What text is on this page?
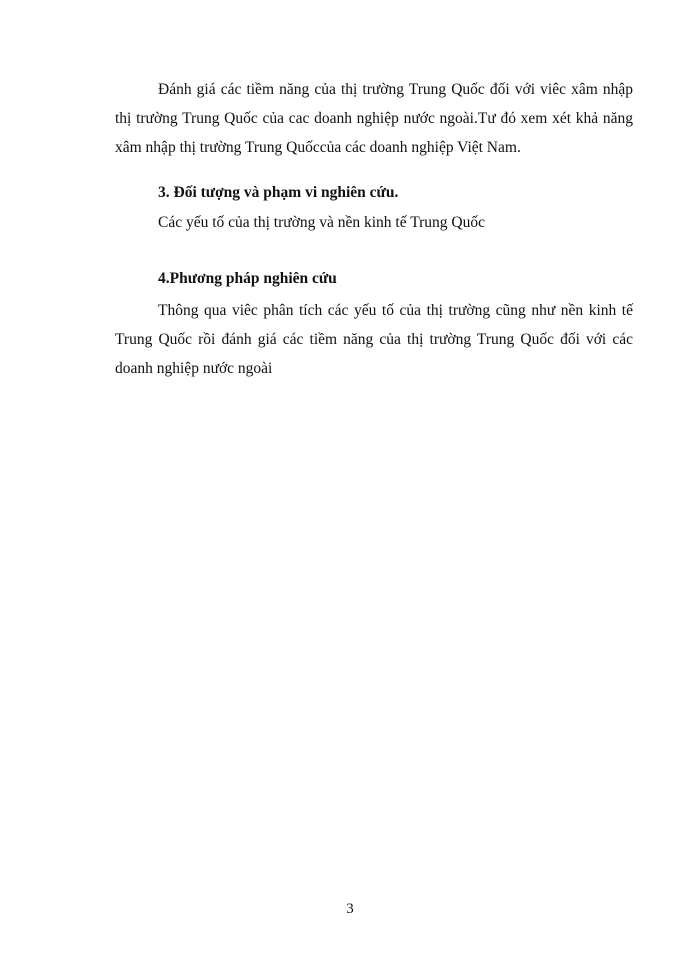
Đánh giá các tiềm năng của thị trường Trung Quốc đối với viêc xâm nhập thị trường Trung Quốc của cac doanh nghiệp nước ngoài.Tư đó xem xét khả năng xâm nhập thị trường Trung Quốccủa các doanh nghiệp Việt Nam.

3. Đối tượng và phạm vi nghiên cứu.

Các yếu tố của thị trường và nền kinh tế Trung Quốc

4.Phương pháp nghiên cứu

Thông qua viêc phân tích các yếu tố của thị trường cũng như nền kinh tế Trung Quốc rồi đánh giá các tiềm năng của thị trường Trung Quốc đối với các doanh nghiệp nước ngoài

3
